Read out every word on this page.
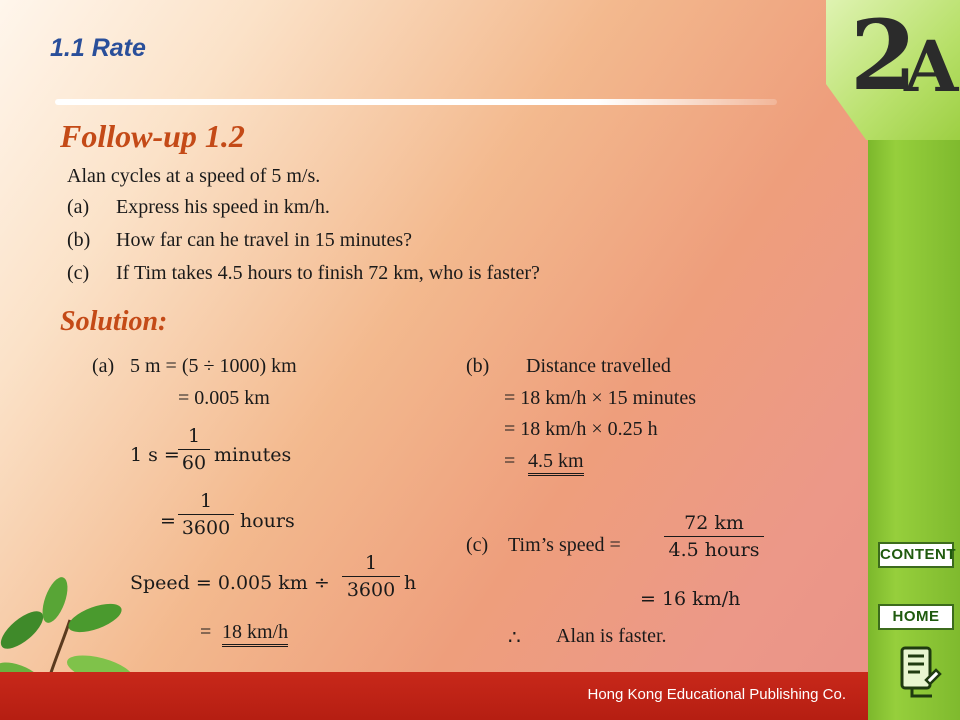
2
A
1.1 Rate
Follow-up 1.2
Alan cycles at a speed of 5 m/s.
(a) Express his speed in km/h.
(b) How far can he travel in 15 minutes?
(c) If Tim takes 4.5 hours to finish 72 km, who is faster?
Solution:
(a) 5 m = (5 ÷ 1000) km
= 0.005 km
1 s =
1
60 minutes
=
1
3600 hours
Speed = 0.005 km ÷
1
3600 h
= 18 km/h
(b) Distance travelled
= 18 km/h × 15 minutes
= 18 km/h × 0.25 h
= 4.5 km
(c) Tim’s speed =
72 km
4.5 hours
= 16 km/h
∴ Alan is faster.
Hong Kong Educational Publishing Co.
CONTENT
HOME
